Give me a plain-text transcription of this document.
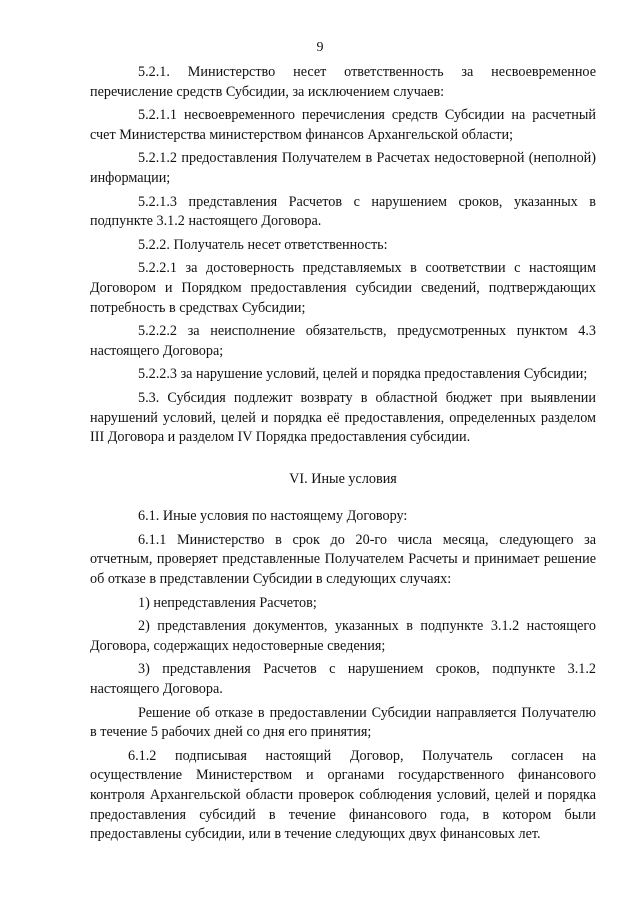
9

5.2.1. Министерство несет ответственность за несвоевременное перечисление средств Субсидии, за исключением случаев:

5.2.1.1 несвоевременного перечисления средств Субсидии на расчетный счет Министерства министерством финансов Архангельской области;

5.2.1.2 предоставления Получателем в Расчетах недостоверной (неполной) информации;

5.2.1.3 представления Расчетов с нарушением сроков, указанных в подпункте 3.1.2 настоящего Договора.

5.2.2. Получатель несет ответственность:

5.2.2.1 за достоверность представляемых в соответствии с настоящим Договором и Порядком предоставления субсидии сведений, подтверждающих потребность в средствах Субсидии;

5.2.2.2 за неисполнение обязательств, предусмотренных пунктом 4.3 настоящего Договора;

5.2.2.3 за нарушение условий, целей и порядка предоставления Субсидии;

5.3. Субсидия подлежит возврату в областной бюджет при выявлении нарушений условий, целей и порядка её предоставления, определенных разделом III Договора и разделом IV Порядка предоставления субсидии.

VI. Иные условия

6.1. Иные условия по настоящему Договору:

6.1.1 Министерство в срок до 20-го числа месяца, следующего за отчетным, проверяет представленные Получателем Расчеты и принимает решение об отказе в представлении Субсидии в следующих случаях:

1) непредставления Расчетов;

2) представления документов, указанных в подпункте 3.1.2 настоящего Договора, содержащих недостоверные сведения;

3) представления Расчетов с нарушением сроков, подпункте 3.1.2 настоящего Договора.

Решение об отказе в предоставлении Субсидии направляется Получателю в течение 5 рабочих дней со дня его принятия;

6.1.2 подписывая настоящий Договор, Получатель согласен на осуществление Министерством и органами государственного финансового контроля Архангельской области проверок соблюдения условий, целей и порядка предоставления субсидий в течение финансового года, в котором были предоставлены субсидии, или в течение следующих двух финансовых лет.
